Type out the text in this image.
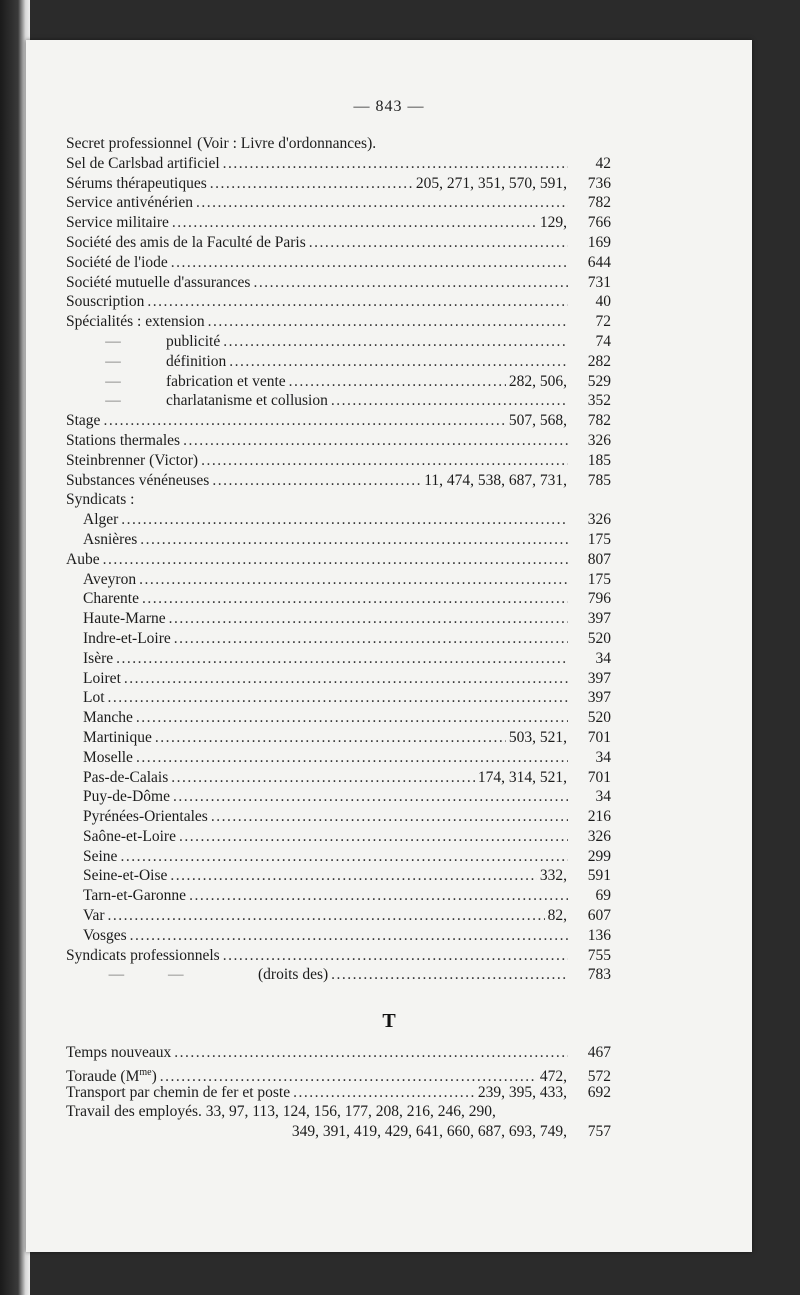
— 843 —
Secret professionnel (Voir : Livre d'ordonnances).
Sel de Carlsbad artificiel .....	42
Sérums thérapeutiques .....	205, 271, 351, 570, 591,	736
Service antivénérien .....	782
Service militaire .....	129,	766
Société des amis de la Faculté de Paris .....	169
Société de l'iode .....	644
Société mutuelle d'assurances .....	731
Souscription .....	40
Spécialités : extension .....	72
—	publicité .....	74
—	définition .....	282
—	fabrication et vente .....	282, 506,	529
—	charlatanisme et collusion .....	352
Stage .....	507, 568,	782
Stations thermales .....	326
Steinbrenner (Victor) .....	185
Substances vénéneuses .....	11, 474, 538, 687, 731,	785
Syndicats :
Alger .....	326
Asnières .....	175
Aube .....	807
Aveyron .....	175
Charente .....	796
Haute-Marne .....	397
Indre-et-Loire .....	520
Isère .....	34
Loiret .....	397
Lot .....	397
Manche .....	520
Martinique .....	503, 521,	701
Moselle .....	34
Pas-de-Calais .....	174, 314, 521,	701
Puy-de-Dôme .....	34
Pyrénées-Orientales .....	216
Saône-et-Loire .....	326
Seine .....	299
Seine-et-Oise .....	332,	591
Tarn-et-Garonne .....	69
Var .....	82,	607
Vosges .....	136
Syndicats professionnels .....	755
— —	(droits des) .....	783
T
Temps nouveaux .....	467
Toraude $(M^{me})$ .....	472,	572
Transport par chemin de fer et poste .....	239, 395, 433,	692
Travail des employés. 33, 97, 113, 124, 156, 177, 208, 216, 246, 290,
349, 391, 419, 429, 641, 660, 687, 693, 749,	757
